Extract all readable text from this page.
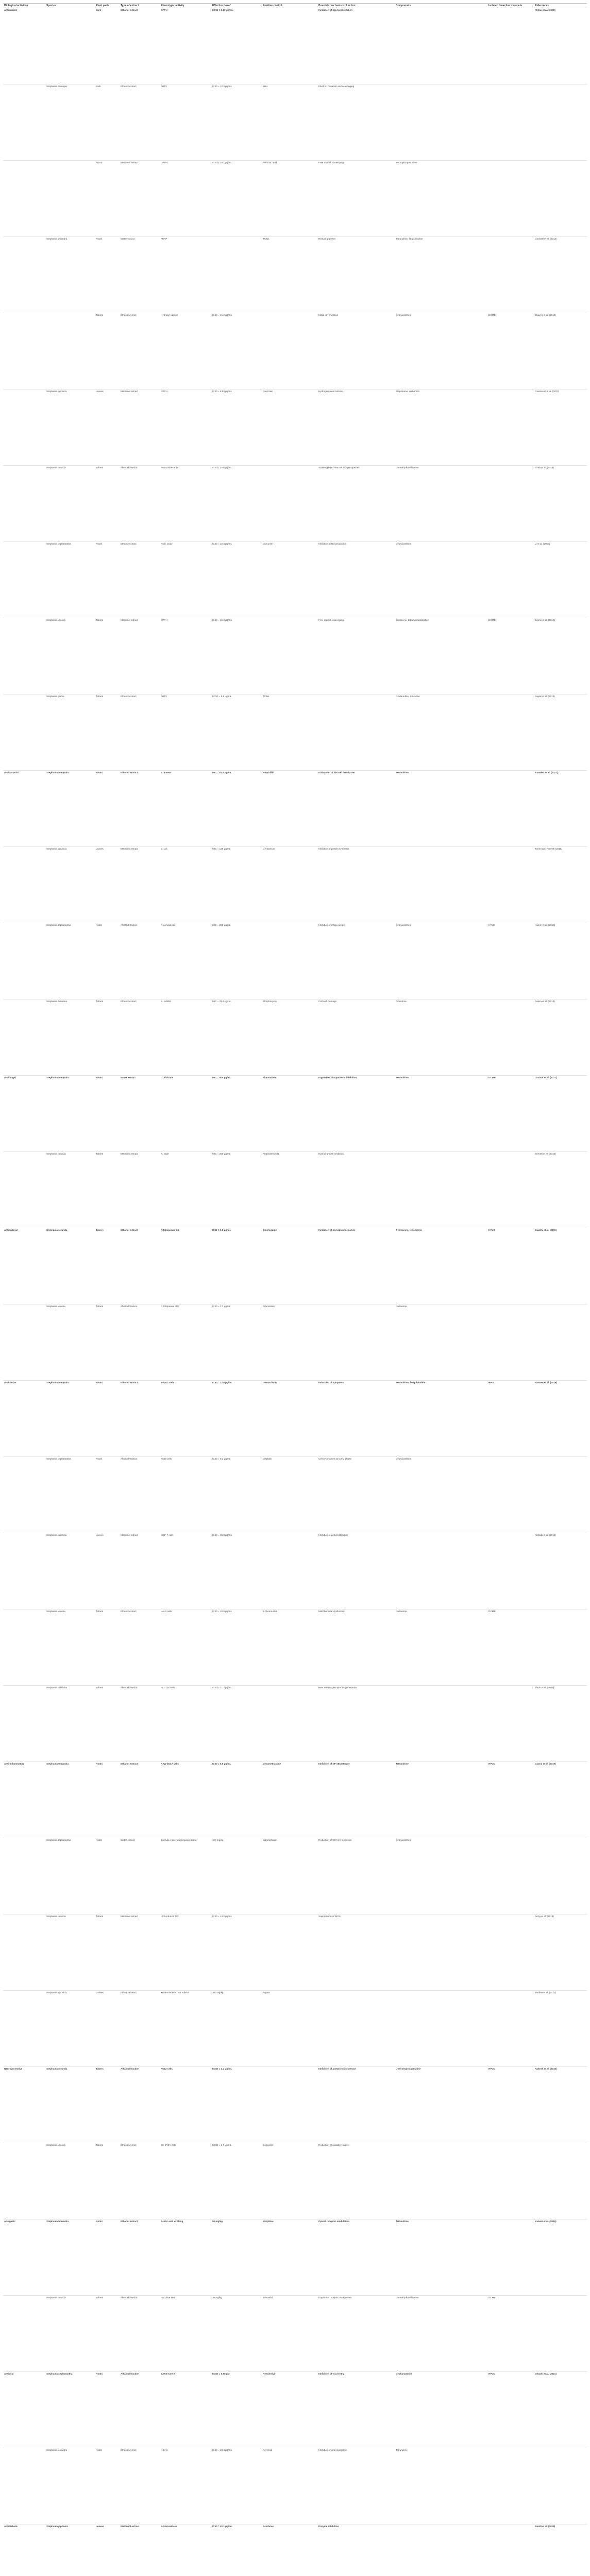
Biological activities	Species	Plant parts	Type of extract	Phenotypic activity	Effective dose*	Positive control	Possible mechanism of action	Compounds	Isolated bioactive molecule	References
Antioxidant		Bark	Ethanol extract	DPPH	EC50 = 3.50 μg/mL		Inhibition of lipid peroxidation			Phillai et al. (2008)
	Stephania dinklagei	Bark	Ethanol extract	ABTS	IC50 = 12.3 μg/mL	BHA	Electron donation and scavenging			
		Roots	Methanol extract	DPPH	IC50 = 28.7 μg/mL	Ascorbic acid	Free radical scavenging	Tetrahydropalmatine		
	Stephania tetrandra	Roots	Water extract	FRAP		Trolox	Reducing power	Tetrandrine, fangchinoline		Gorinski et al. (2014)
		Tubers	Ethanol extract	Hydroxyl radical	IC50 = 45.2 μg/mL		Metal ion chelation	Cepharanthine	DCMB	Bhavya et al. (2016)
	Stephania japonica	Leaves	Methanol extract	DPPH	IC50 = 8.04 μg/mL	Quercetin	Hydrogen atom transfer	Stephanine, crebanine		Cavalcanti et al. (2013)
	Stephania rotunda	Tubers	Alkaloid fraction	Superoxide anion	IC50 = 18.6 μg/mL		Scavenging of reactive oxygen species	L-tetrahydropalmatine		Chen et al. (2015)
	Stephania cepharantha	Roots	Ethanol extract	Nitric oxide	IC50 = 22.4 μg/mL	Curcumin	Inhibition of NO production	Cepharanthine		Li et al. (2018)
	Stephania venosa	Tubers	Methanol extract	DPPH	IC50 = 15.3 μg/mL		Free radical scavenging	Crebanine, tetrahydropalmatine	DCMB	Boone et al. (2016)
	Stephania glabra	Tubers	Ethanol extract	ABTS	EC50 = 9.8 μg/mL	Trolox		Gindarudine, rotundine		Nayak et al. (2013)
Antibacterial	Stephania tetrandra	Roots	Ethanol extract	S. aureus	MIC = 62.5 μg/mL	Ampicillin	Disruption of the cell membrane	Tetrandrine		Namdeo et al. (2021)
	Stephania japonica	Leaves	Methanol extract	E. coli	MIC = 125 μg/mL	Gentamicin	Inhibition of protein synthesis			Tunen and Forsyth (2015)
	Stephania cepharantha	Roots	Alkaloid fraction	P. aeruginosa	MIC = 250 μg/mL		Inhibition of efflux pumps	Cepharanthine	HPLC	Hamm et al. (2019)
	Stephania dielsiana	Tubers	Ethanol extract	B. subtilis	MIC = 31.2 μg/mL	Streptomycin	Cell wall damage	Dicentrine		Dessa et al. (2014)
Antifungal	Stephania tetrandra	Roots	Water extract	C. albicans	MIC = 500 μg/mL	Fluconazole	Ergosterol biosynthesis inhibition	Tetrandrine	DCMB	Lustani et al. (2017)
	Stephania rotunda	Tubers	Methanol extract	A. niger	MIC = 250 μg/mL	Amphotericin B	Hyphal growth inhibition			Serneh et al. (2018)
Antimalarial	Stephania rotunda	Tubers	Ethanol extract	P. falciparum K1	IC50 = 1.5 μg/mL	Chloroquine	Inhibition of hemozoin formation	Cycleanine, tetrandrine	HPLC	Baudry et al. (2006)
	Stephania venosa	Tubers	Alkaloid fraction	P. falciparum 3D7	IC50 = 2.7 μg/mL	Artemisinin		Crebanine		
Anticancer	Stephania tetrandra	Roots	Ethanol extract	HepG2 cells	IC50 = 12.5 μg/mL	Doxorubicin	Induction of apoptosis	Tetrandrine, fangchinoline	HPLC	Hansen et al. (2019)
	Stephania cepharantha	Roots	Alkaloid fraction	A549 cells	IC50 = 8.2 μg/mL	Cisplatin	Cell cycle arrest at G2/M phase	Cepharanthine		
	Stephania japonica	Leaves	Methanol extract	MCF-7 cells	IC50 = 35.6 μg/mL		Inhibition of cell proliferation			Nishida et al. (2019)
	Stephania venosa	Tubers	Ethanol extract	HeLa cells	IC50 = 18.9 μg/mL	5-Fluorouracil	Mitochondrial dysfunction	Crebanine	DCMB	
	Stephania dielsiana	Tubers	Alkaloid fraction	HCT116 cells	IC50 = 21.3 μg/mL		Reactive oxygen species generation			Ziaun et al. (2021)
Anti-inflammatory	Stephania tetrandra	Roots	Ethanol extract	RAW 264.7 cells	IC50 = 5.6 μg/mL	Dexamethasone	Inhibition of NF-κB pathway	Tetrandrine	HPLC	Gianni et al. (2019)
	Stephania cepharantha	Roots	Water extract	Carrageenan-induced paw edema	100 mg/kg	Indomethacin	Reduction of COX-2 expression	Cepharanthine		
	Stephania rotunda	Tubers	Methanol extract	LPS-induced NO	IC50 = 14.2 μg/mL		Suppression of iNOS			Deng et al. (2016)
	Stephania japonica	Leaves	Ethanol extract	Xylene-induced ear edema	200 mg/kg	Aspirin				Medina et al. (2021)
Neuroprotective	Stephania rotunda	Tubers	Alkaloid fraction	PC12 cells	EC50 = 3.2 μg/mL		Inhibition of acetylcholinesterase	L-tetrahydropalmatine	HPLC	Rakesh et al. (2016)
	Stephania venosa	Tubers	Ethanol extract	SH-SY5Y cells	EC50 = 6.7 μg/mL	Donepezil	Reduction of oxidative stress			
Analgesic	Stephania tetrandra	Roots	Ethanol extract	Acetic acid writhing	50 mg/kg	Morphine	Opioid receptor modulation	Tetrandrine		Kammi et al. (2016)
	Stephania rotunda	Tubers	Alkaloid fraction	Hot plate test	20 mg/kg	Tramadol	Dopamine receptor antagonism	L-tetrahydropalmatine	DCMB	
Antiviral	Stephania cepharantha	Roots	Alkaloid fraction	SARS-CoV-2	EC50 = 0.98 μM	Remdesivir	Inhibition of viral entry	Cepharanthine	HPLC	Ohashi et al. (2021)
	Stephania tetrandra	Roots	Ethanol extract	HSV-1	IC50 = 10.4 μg/mL	Acyclovir	Inhibition of viral replication	Tetrandrine		
Antidiabetic	Stephania japonica	Leaves	Methanol extract	α-Glucosidase	IC50 = 42.1 μg/mL	Acarbose	Enzyme inhibition			Jamili et al. (2018)
